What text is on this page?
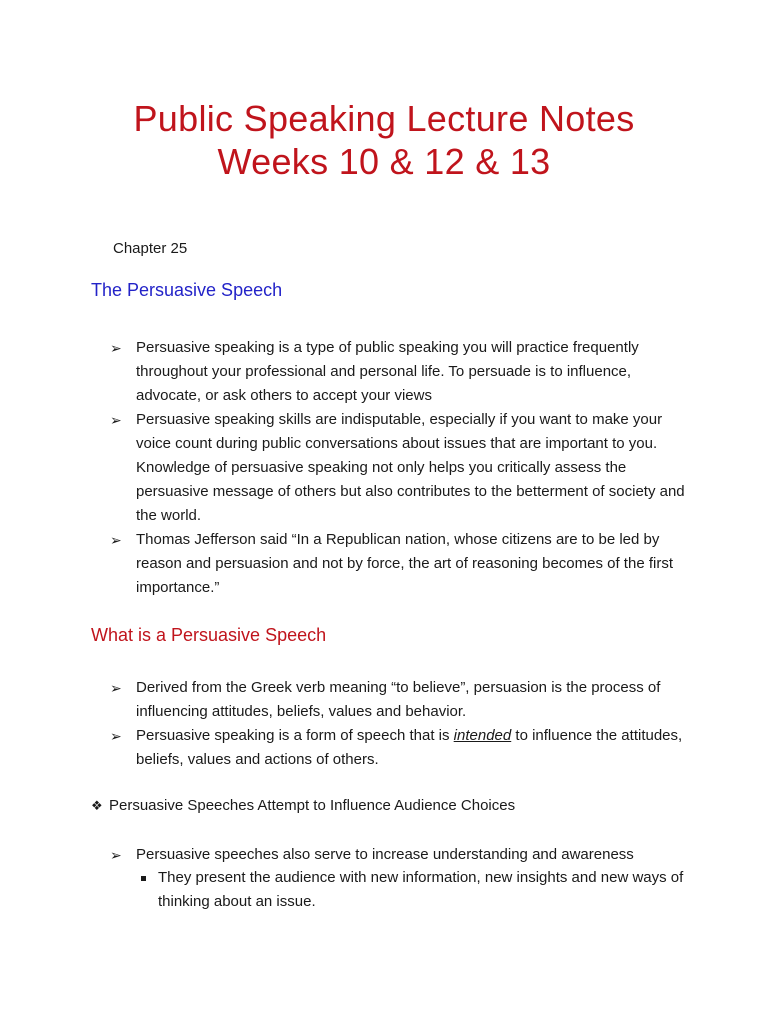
Public Speaking Lecture Notes
Weeks 10 & 12 & 13

Chapter 25

The Persuasive Speech
➢ Persuasive speaking is a type of public speaking you will practice frequently throughout your professional and personal life. To persuade is to influence, advocate, or ask others to accept your views
➢ Persuasive speaking skills are indisputable, especially if you want to make your voice count during public conversations about issues that are important to you. Knowledge of persuasive speaking not only helps you critically assess the persuasive message of others but also contributes to the betterment of society and the world.
➢ Thomas Jefferson said “In a Republican nation, whose citizens are to be led by reason and persuasion and not by force, the art of reasoning becomes of the first importance.”
What is a Persuasive Speech
➢ Derived from the Greek verb meaning “to believe”, persuasion is the process of influencing attitudes, beliefs, values and behavior.
➢ Persuasive speaking is a form of speech that is intended to influence the attitudes, beliefs, values and actions of others.
❖ Persuasive Speeches Attempt to Influence Audience Choices
➢ Persuasive speeches also serve to increase understanding and awareness
They present the audience with new information, new insights and new ways of thinking about an issue.
